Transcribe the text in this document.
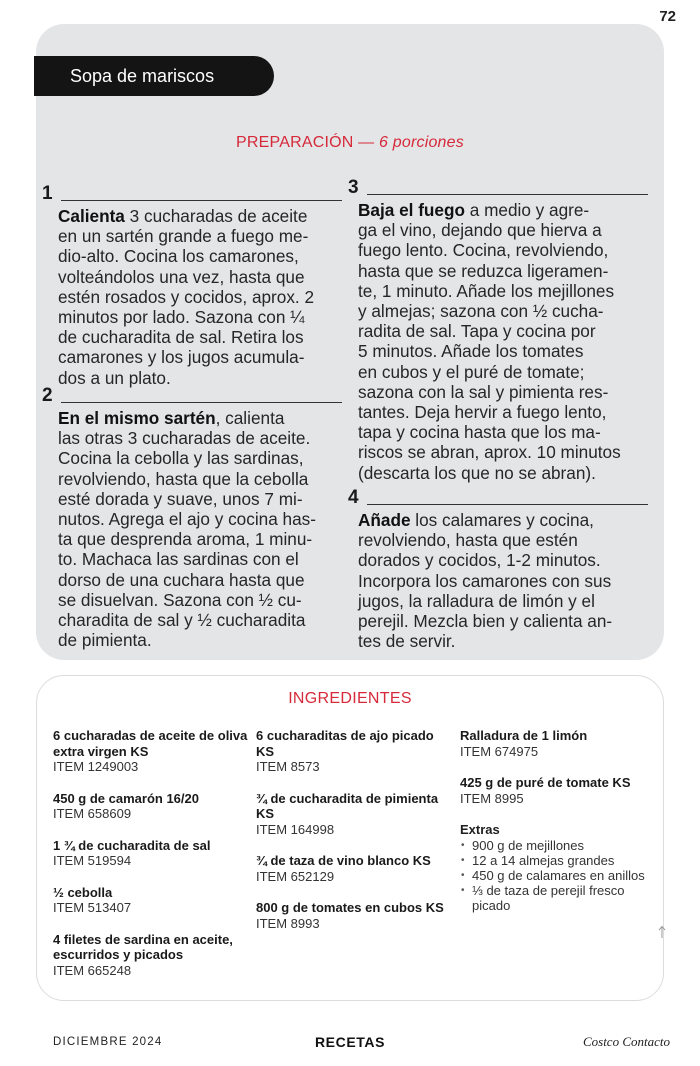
72
Sopa de mariscos
PREPARACIÓN — 6 porciones
1
Calienta 3 cucharadas de aceite
en un sartén grande a fuego me-
dio-alto. Cocina los camarones,
volteándolos una vez, hasta que
estén rosados y cocidos, aprox. 2
minutos por lado. Sazona con ¼
de cucharadita de sal. Retira los
camarones y los jugos acumula-
dos a un plato.
2
En el mismo sartén, calienta
las otras 3 cucharadas de aceite.
Cocina la cebolla y las sardinas,
revolviendo, hasta que la cebolla
esté dorada y suave, unos 7 mi-
nutos. Agrega el ajo y cocina has-
ta que desprenda aroma, 1 minu-
to. Machaca las sardinas con el
dorso de una cuchara hasta que
se disuelvan. Sazona con ½ cu-
charadita de sal y ½ cucharadita
de pimienta.
3
Baja el fuego a medio y agre-
ga el vino, dejando que hierva a
fuego lento. Cocina, revolviendo,
hasta que se reduzca ligeramen-
te, 1 minuto. Añade los mejillones
y almejas; sazona con ½ cucha-
radita de sal. Tapa y cocina por
5 minutos. Añade los tomates
en cubos y el puré de tomate;
sazona con la sal y pimienta res-
tantes. Deja hervir a fuego lento,
tapa y cocina hasta que los ma-
riscos se abran, aprox. 10 minutos
(descarta los que no se abran).
4
Añade los calamares y cocina,
revolviendo, hasta que estén
dorados y cocidos, 1-2 minutos.
Incorpora los camarones con sus
jugos, la ralladura de limón y el
perejil. Mezcla bien y calienta an-
tes de servir.
INGREDIENTES
6 cucharadas de aceite de oliva extra virgen KS
ITEM 1249003
450 g de camarón 16/20
ITEM 658609
1 ¾ de cucharadita de sal
ITEM 519594
½ cebolla
ITEM 513407
4 filetes de sardina en aceite, escurridos y picados
ITEM 665248
6 cucharaditas de ajo picado KS
ITEM 8573
¾ de cucharadita de pimienta KS
ITEM 164998
¾ de taza de vino blanco KS
ITEM 652129
800 g de tomates en cubos KS
ITEM 8993
Ralladura de 1 limón
ITEM 674975
425 g de puré de tomate KS
ITEM 8995
Extras
• 900 g de mejillones
• 12 a 14 almejas grandes
• 450 g de calamares en anillos
• ⅓ de taza de perejil fresco picado
DICIEMBRE 2024	RECETAS	Costco Contacto
